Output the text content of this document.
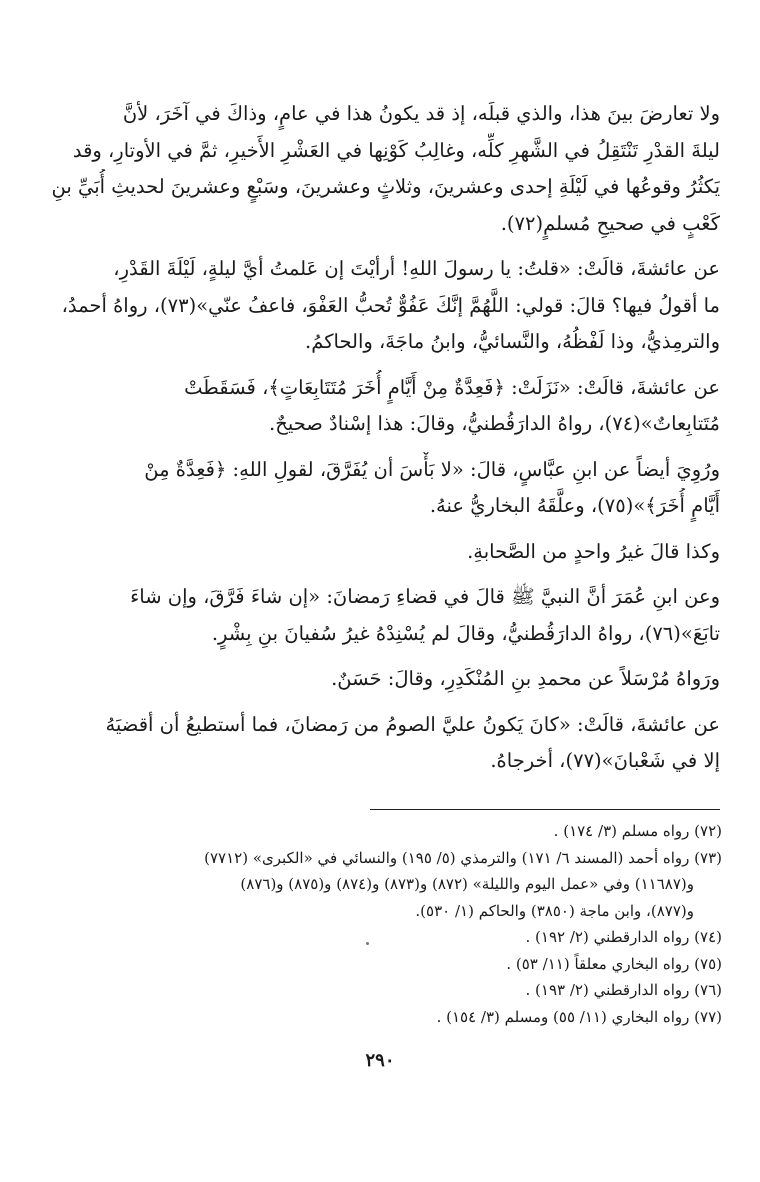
ولا تعارضَ بينَ هذا، والذي قبلَه، إذ قد يكونُ هذا في عامٍ، وذاكَ في آخَرَ، لأنَّ
ليلةَ القدْرِ تَنْتَقِلُ في الشَّهرِ كلِّه، وغالِبُ كَوْنِها في العَشْرِ الأَخيرِ، ثمَّ في الأوتارِ، وقد
يَكثُرُ وقوعُها في لَيْلَةِ إحدى وعشرينَ، وثلاثٍ وعشرينَ، وسَبْعٍ وعشرينَ لحديثِ أُبَيِّ بنِ
كَعْبٍ في صحيحِ مُسلمٍ(٧٢).

عن عائشةَ، قالَتْ: «قلتُ: يا رسولَ اللهِ! أرأيْتَ إن عَلمتُ أيَّ ليلةٍ، لَيْلَةَ القَدْرِ،
ما أقولُ فيها؟ قالَ: قولي: اللَّهُمَّ إنَّكَ عَفُوٌّ تُحبُّ العَفْوَ، فاعفُ عنّي»(٧٣)، رواهُ أحمدُ،
والترمِذيُّ، وذا لَفْظُهُ، والنَّسائيُّ، وابنُ ماجَةَ، والحاكمُ.

عن عائشةَ، قالَتْ: «نَزَلَتْ: ﴿فَعِدَّةٌ مِنْ أَيَّامٍ أُخَرَ مُتَتَابِعَاتٍ﴾، فَسَقَطَتْ
مُتَتابِعاتٌ»(٧٤)، رواهُ الدارَقُطنيُّ، وقالَ: هذا إسْنادٌ صحيحٌ.

ورُوِيَ أيضاً عن ابنِ عبَّاسٍ، قالَ: «لا بَأْسَ أن يُفَرَّقَ، لقولِ اللهِ: ﴿فَعِدَّةٌ مِنْ
أَيَّامٍ أُخَرَ﴾»(٧٥)، وعلَّقَهُ البخاريُّ عنهُ.

وكذا قالَ غيرُ واحدٍ من الصَّحابةِ.

وعن ابنِ عُمَرَ أنَّ النبيَّ ﷺ قالَ في قضاءِ رَمضانَ: «إن شاءَ فَرَّقَ، وإن شاءَ
تابَعَ»(٧٦)، رواهُ الدارَقُطنيُّ، وقالَ لم يُسْنِدْهُ غيرُ سُفيانَ بنِ بِشْرٍ.

ورَواهُ مُرْسَلاً عن محمدِ بنِ المُنْكَدِرِ، وقالَ: حَسَنٌ.

عن عائشةَ، قالَتْ: «كانَ يَكونُ عليَّ الصومُ من رَمضانَ، فما أستطيعُ أن أقضيَهُ
إلا في شَعْبانَ»(٧٧)، أخرجاهُ.

(٧٢) رواه مسلم (٣/ ١٧٤) .
(٧٣) رواه أحمد (المسند ٦/ ١٧١) والترمذي (٥/ ١٩٥) والنسائي في «الكبرى» (٧٧١٢)
و(١١٦٨٧) وفي «عمل اليوم والليلة» (٨٧٢) و(٨٧٣) و(٨٧٤) و(٨٧٥) و(٨٧٦)
و(٨٧٧)، وابن ماجة (٣٨٥٠) والحاكم (١/ ٥٣٠).
(٧٤) رواه الدارقطني (٢/ ١٩٢) .
(٧٥) رواه البخاري معلقاً (١١/ ٥٣) .
(٧٦) رواه الدارقطني (٢/ ١٩٣) .
(٧٧) رواه البخاري (١١/ ٥٥) ومسلم (٣/ ١٥٤) .
٢٩٠
